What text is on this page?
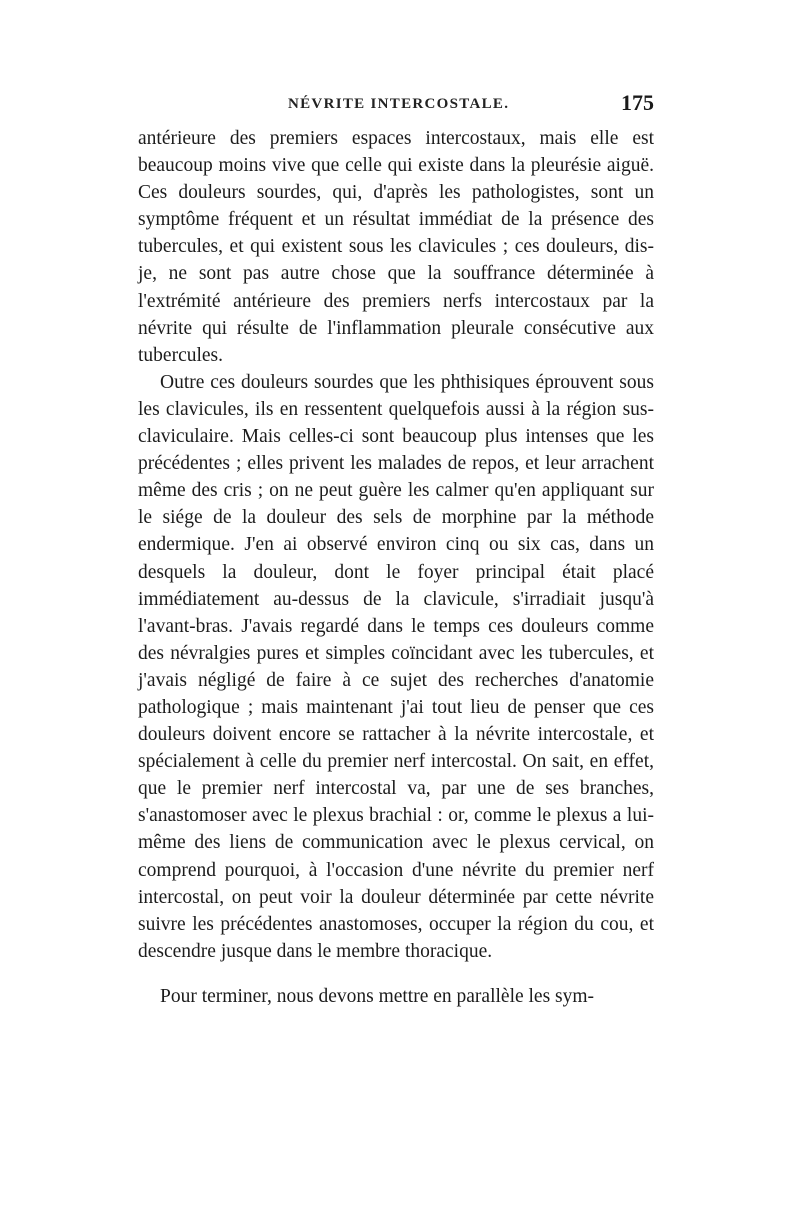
NÉVRITE INTERCOSTALE.	175

antérieure des premiers espaces intercostaux, mais elle est beaucoup moins vive que celle qui existe dans la pleurésie aiguë. Ces douleurs sourdes, qui, d'après les pathologistes, sont un symptôme fréquent et un résultat immédiat de la présence des tubercules, et qui existent sous les clavicules ; ces douleurs, dis-je, ne sont pas autre chose que la souffrance déterminée à l'extrémité antérieure des premiers nerfs intercostaux par la névrite qui résulte de l'inflammation pleurale consécutive aux tubercules.

Outre ces douleurs sourdes que les phthisiques éprouvent sous les clavicules, ils en ressentent quelquefois aussi à la région sus-claviculaire. Mais celles-ci sont beaucoup plus intenses que les précédentes ; elles privent les malades de repos, et leur arrachent même des cris ; on ne peut guère les calmer qu'en appliquant sur le siége de la douleur des sels de morphine par la méthode endermique. J'en ai observé environ cinq ou six cas, dans un desquels la douleur, dont le foyer principal était placé immédiatement au-dessus de la clavicule, s'irradiait jusqu'à l'avant-bras. J'avais regardé dans le temps ces douleurs comme des névralgies pures et simples coïncidant avec les tubercules, et j'avais négligé de faire à ce sujet des recherches d'anatomie pathologique ; mais maintenant j'ai tout lieu de penser que ces douleurs doivent encore se rattacher à la névrite intercostale, et spécialement à celle du premier nerf intercostal. On sait, en effet, que le premier nerf intercostal va, par une de ses branches, s'anastomoser avec le plexus brachial : or, comme le plexus a lui-même des liens de communication avec le plexus cervical, on comprend pourquoi, à l'occasion d'une névrite du premier nerf intercostal, on peut voir la douleur déterminée par cette névrite suivre les précédentes anastomoses, occuper la région du cou, et descendre jusque dans le membre thoracique.

Pour terminer, nous devons mettre en parallèle les sym-
